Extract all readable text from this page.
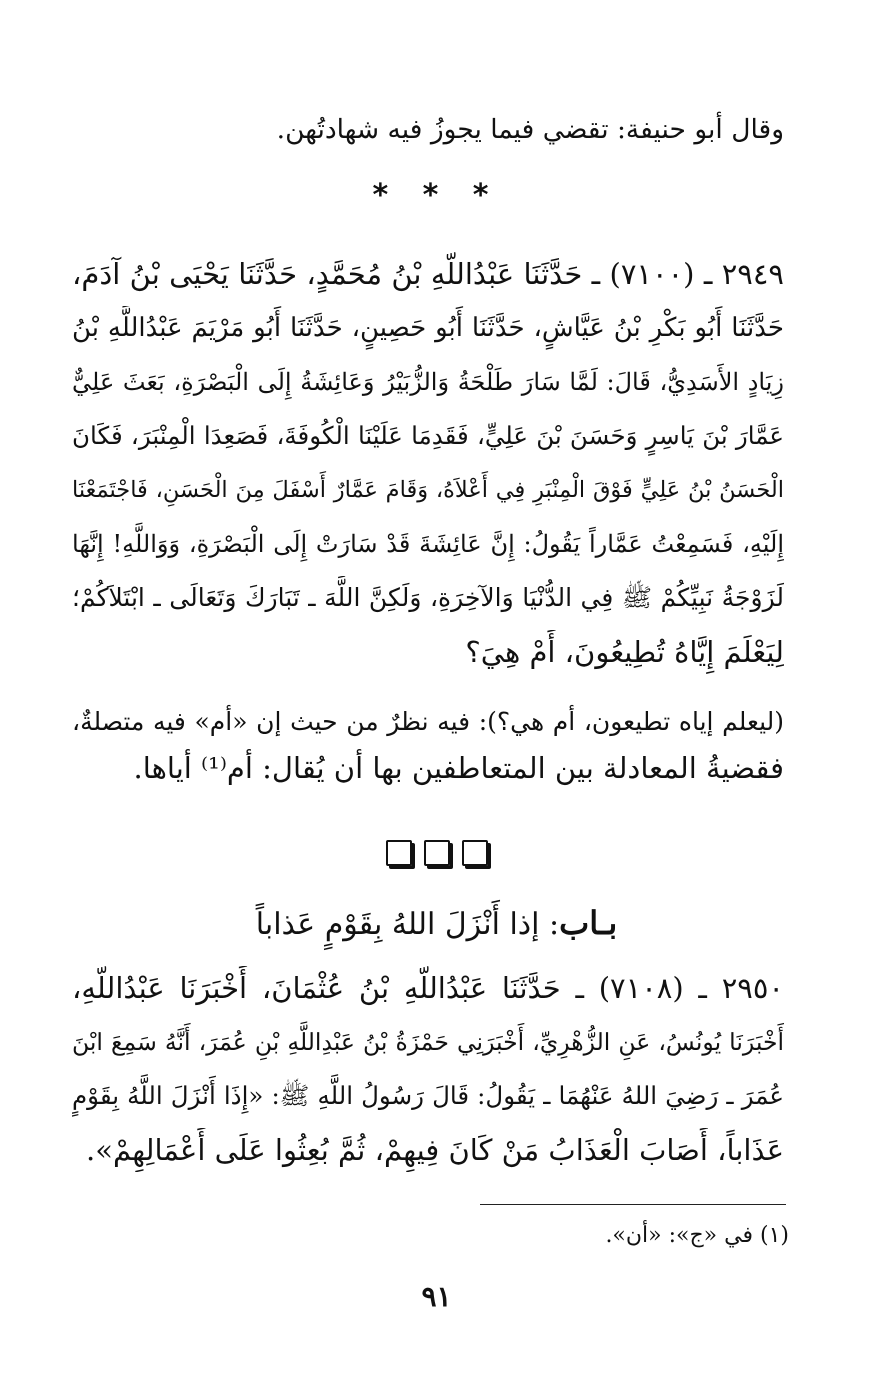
وقال أبو حنيفة: تقضي فيما يجوزُ فيه شهادتُهن.
* * *
٢٩٤٩ ـ (٧١٠٠) ـ حَدَّثَنَا عَبْدُاللَّهِ بْنُ مُحَمَّدٍ، حَدَّثَنَا يَحْيَى بْنُ آدَمَ،
حَدَّثَنَا أَبُو بَكْرِ بْنُ عَيَّاشٍ، حَدَّثَنَا أَبُو حَصِينٍ، حَدَّثَنَا أَبُو مَرْيَمَ عَبْدُاللَّهِ بْنُ
زِيَادٍ الأَسَدِيُّ، قَالَ: لَمَّا سَارَ طَلْحَةُ وَالزُّبَيْرُ وَعَائِشَةُ إِلَى الْبَصْرَةِ، بَعَثَ عَلِيٌّ
عَمَّارَ بْنَ يَاسِرٍ وَحَسَنَ بْنَ عَلِيٍّ، فَقَدِمَا عَلَيْنَا الْكُوفَةَ، فَصَعِدَا الْمِنْبَرَ، فَكَانَ
الْحَسَنُ بْنُ عَلِيٍّ فَوْقَ الْمِنْبَرِ فِي أَعْلاَهُ، وَقَامَ عَمَّارٌ أَسْفَلَ مِنَ الْحَسَنِ، فَاجْتَمَعْنَا
إِلَيْهِ، فَسَمِعْتُ عَمَّاراً يَقُولُ: إِنَّ عَائِشَةَ قَدْ سَارَتْ إِلَى الْبَصْرَةِ، وَوَاللَّهِ! إِنَّهَا
لَزَوْجَةُ نَبِيِّكُمْ ﷺ فِي الدُّنْيَا وَالآخِرَةِ، وَلَكِنَّ اللَّهَ ـ تَبَارَكَ وَتَعَالَى ـ ابْتَلاَكُمْ؛
لِيَعْلَمَ إِيَّاهُ تُطِيعُونَ، أَمْ هِيَ؟
(ليعلم إياه تطيعون، أم هي؟): فيه نظرٌ من حيث إن «أم» فيه متصلةٌ،
فقضيةُ المعادلة بين المتعاطفين بها أن يُقال: أم⁽¹⁾ أياها.
بـاب: إذا أَنْزَلَ اللهُ بِقَوْمٍ عَذاباً
٢٩٥٠ ـ (٧١٠٨) ـ حَدَّثَنَا عَبْدُاللَّهِ بْنُ عُثْمَانَ، أَخْبَرَنَا عَبْدُاللَّهِ،
أَخْبَرَنَا يُونُسُ، عَنِ الزُّهْرِيِّ، أَخْبَرَنِي حَمْزَةُ بْنُ عَبْدِاللَّهِ بْنِ عُمَرَ، أَنَّهُ سَمِعَ ابْنَ
عُمَرَ ـ رَضِيَ اللهُ عَنْهُمَا ـ يَقُولُ: قَالَ رَسُولُ اللَّهِ ﷺ: «إِذَا أَنْزَلَ اللَّهُ بِقَوْمٍ
عَذَاباً، أَصَابَ الْعَذَابُ مَنْ كَانَ فِيهِمْ، ثُمَّ بُعِثُوا عَلَى أَعْمَالِهِمْ».
(١) في «ج»: «أن».
٩١
